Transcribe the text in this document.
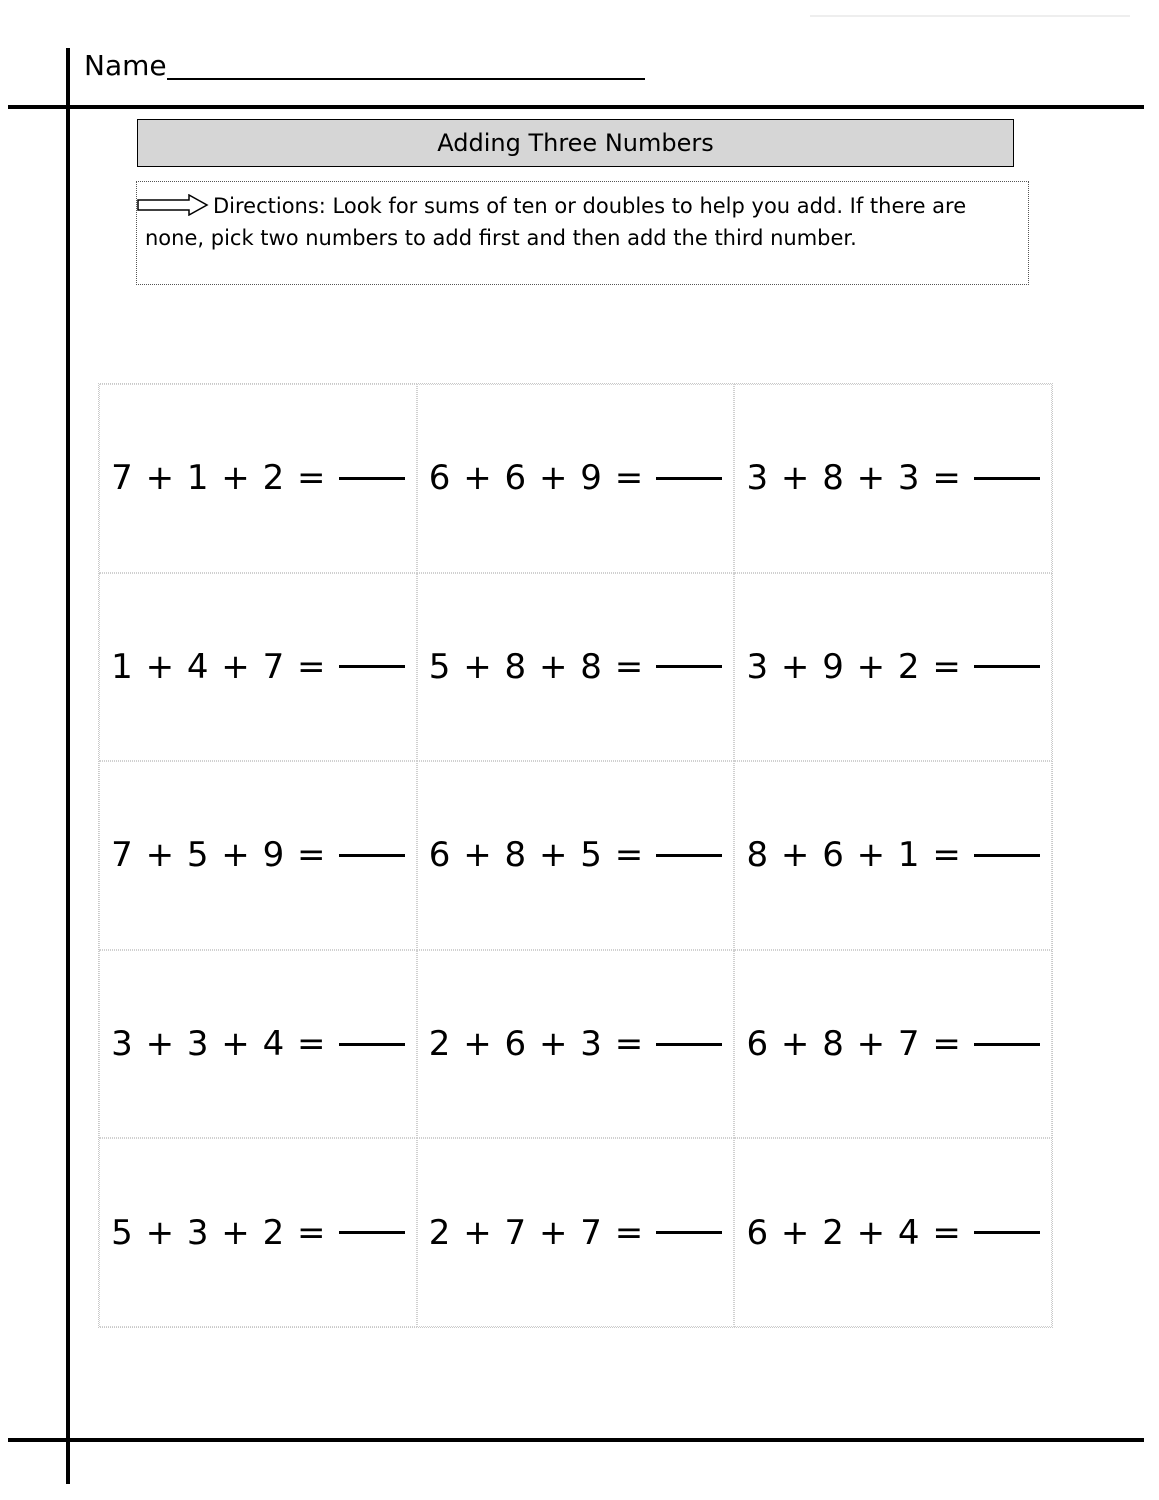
Name
Adding Three Numbers
Directions: Look for sums of ten or doubles to help you add. If there are none, pick two numbers to add first and then add the third number.
7 + 1 + 2 =	6 + 6 + 9 =	3 + 8 + 3 =
1 + 4 + 7 =	5 + 8 + 8 =	3 + 9 + 2 =
7 + 5 + 9 =	6 + 8 + 5 =	8 + 6 + 1 =
3 + 3 + 4 =	2 + 6 + 3 =	6 + 8 + 7 =
5 + 3 + 2 =	2 + 7 + 7 =	6 + 2 + 4 =
